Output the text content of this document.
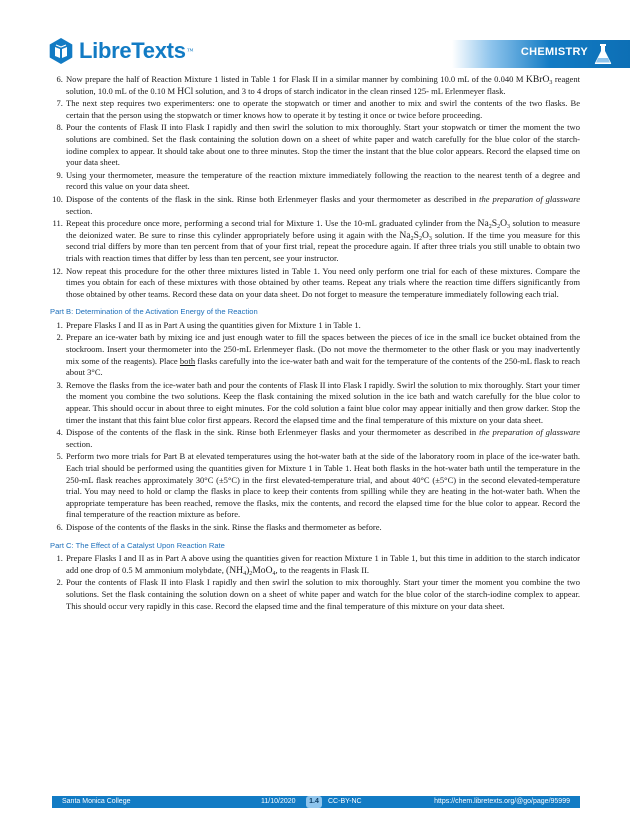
LibreTexts ™	CHEMISTRY
6. Now prepare the half of Reaction Mixture 1 listed in Table 1 for Flask II in a similar manner by combining 10.0 mL of the 0.040 M KBrO$_3$ reagent solution, 10.0 mL of the 0.10 M HCl solution, and 3 to 4 drops of starch indicator in the clean rinsed 125- mL Erlenmeyer flask.
7. The next step requires two experimenters: one to operate the stopwatch or timer and another to mix and swirl the contents of the two flasks. Be certain that the person using the stopwatch or timer knows how to operate it by testing it once or twice before proceeding.
8. Pour the contents of Flask II into Flask I rapidly and then swirl the solution to mix thoroughly. Start your stopwatch or timer the moment the two solutions are combined. Set the flask containing the solution down on a sheet of white paper and watch carefully for the blue color of the starch-iodine complex to appear. It should take about one to three minutes. Stop the timer the instant that the blue color appears. Record the elapsed time on your data sheet.
9. Using your thermometer, measure the temperature of the reaction mixture immediately following the reaction to the nearest tenth of a degree and record this value on your data sheet.
10. Dispose of the contents of the flask in the sink. Rinse both Erlenmeyer flasks and your thermometer as described in the preparation of glassware section.
11. Repeat this procedure once more, performing a second trial for Mixture 1. Use the 10-mL graduated cylinder from the $Na_2S_2O_3$ solution to measure the deionized water. Be sure to rinse this cylinder appropriately before using it again with the $Na_2S_2O_3$ solution. If the time you measure for this second trial differs by more than ten percent from that of your first trial, repeat the procedure again. If after three trials you still unable to obtain two trials with reaction times that differ by less than ten percent, see your instructor.
12. Now repeat this procedure for the other three mixtures listed in Table 1. You need only perform one trial for each of these mixtures. Compare the times you obtain for each of these mixtures with those obtained by other teams. Repeat any trials where the reaction time differs significantly from those obtained by other teams. Record these data on your data sheet. Do not forget to measure the temperature immediately following each trial.
Part B: Determination of the Activation Energy of the Reaction
1. Prepare Flasks I and II as in Part A using the quantities given for Mixture 1 in Table 1.
2. Prepare an ice-water bath by mixing ice and just enough water to fill the spaces between the pieces of ice in the small ice bucket obtained from the stockroom. Insert your thermometer into the 250-mL Erlenmeyer flask. (Do not move the thermometer to the other flask or you may inadvertently mix some of the reagents). Place both flasks carefully into the ice-water bath and wait for the temperature of the contents of the 250-mL flask to reach about 3°C.
3. Remove the flasks from the ice-water bath and pour the contents of Flask II into Flask I rapidly. Swirl the solution to mix thoroughly. Start your timer the moment you combine the two solutions. Keep the flask containing the mixed solution in the ice bath and watch carefully for the blue color to appear. This should occur in about three to eight minutes. For the cold solution a faint blue color may appear initially and then grow darker. Stop the timer the instant that this faint blue color first appears. Record the elapsed time and the final temperature of this mixture on your data sheet.
4. Dispose of the contents of the flask in the sink. Rinse both Erlenmeyer flasks and your thermometer as described in the preparation of glassware section.
5. Perform two more trials for Part B at elevated temperatures using the hot-water bath at the side of the laboratory room in place of the ice-water bath. Each trial should be performed using the quantities given for Mixture 1 in Table 1. Heat both flasks in the hot-water bath until the temperature in the 250-mL flask reaches approximately 30°C (±5°C) in the first elevated-temperature trial, and about 40°C (±5°C) in the second elevated-temperature trial. You may need to hold or clamp the flasks in place to keep their contents from spilling while they are heating in the hot-water bath. When the appropriate temperature has been reached, remove the flasks, mix the contents, and record the elapsed time for the blue color to appear. Record the final temperature of the reaction mixture as before.
6. Dispose of the contents of the flasks in the sink. Rinse the flasks and thermometer as before.
Part C: The Effect of a Catalyst Upon Reaction Rate
1. Prepare Flasks I and II as in Part A above using the quantities given for reaction Mixture 1 in Table 1, but this time in addition to the starch indicator add one drop of 0.5 M ammonium molybdate, $(NH_4)_2MoO_4$, to the reagents in Flask II.
2. Pour the contents of Flask II into Flask I rapidly and then swirl the solution to mix thoroughly. Start your timer the moment you combine the two solutions. Set the flask containing the solution down on a sheet of white paper and watch for the blue color of the starch-iodine complex to appear. This should occur very rapidly in this case. Record the elapsed time and the final temperature of this mixture on your data sheet.
Santa Monica College	11/10/2020	1.4	CC-BY-NC	https://chem.libretexts.org/@go/page/95999
